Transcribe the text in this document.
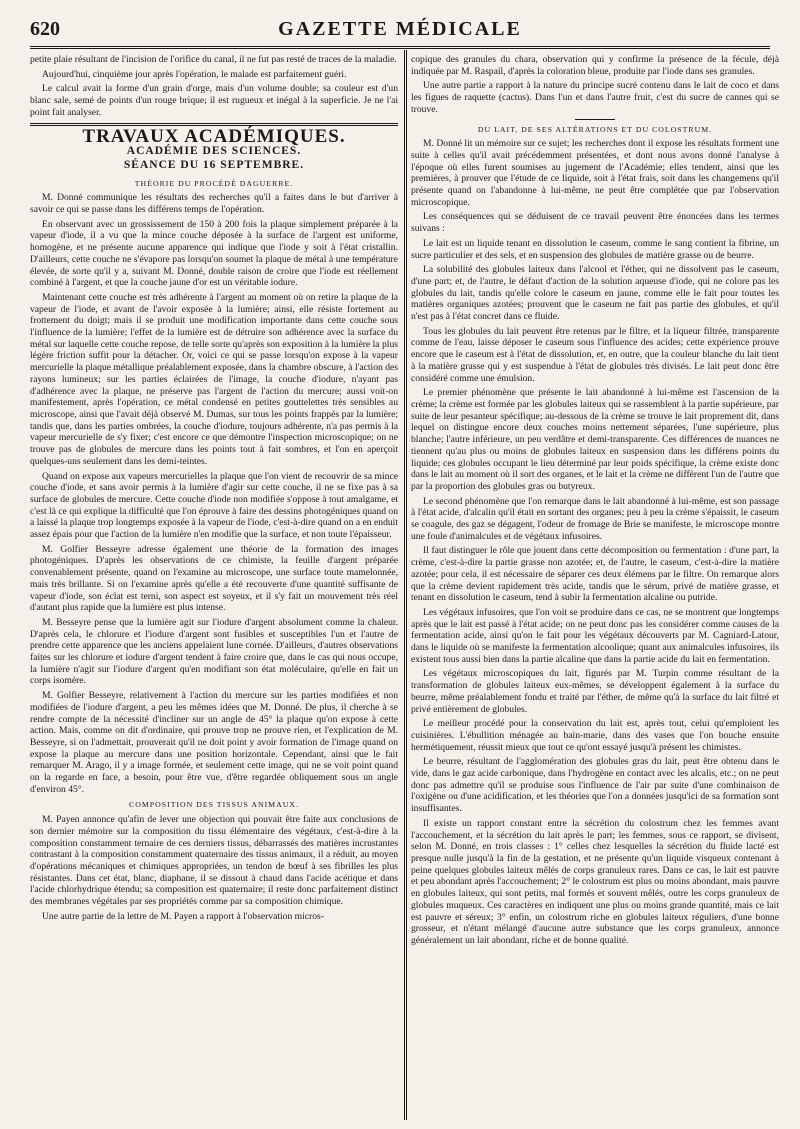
620	GAZETTE MÉDICALE

petite plaie résultant de l'incision de l'orifice du canal, il ne fut pas resté de traces de la maladie.

Aujourd'hui, cinquième jour après l'opération, le malade est parfaitement guéri.

Le calcul avait la forme d'un grain d'orge, mais d'un volume double; sa couleur est d'un blanc sale, semé de points d'un rouge brique; il est rugueux et inégal à la superficie. Je ne l'ai point fait analyser.

TRAVAUX ACADÉMIQUES.
ACADÉMIE DES SCIENCES.
SÉANCE DU 16 SEPTEMBRE.
THÉORIE DU PROCÉDÉ DAGUERRE.

M. Donné communique les résultats des recherches qu'il a faites dans le but d'arriver à savoir ce qui se passe dans les différens temps de l'opération.

En observant avec un grossissement de 150 à 200 fois la plaque simplement préparée à la vapeur d'iode, il a vu que la mince couche déposée à la surface de l'argent est uniforme, homogène, et ne présente aucune apparence qui indique que l'iode y soit à l'état cristallin. D'ailleurs, cette couche ne s'évapore pas lorsqu'on soumet la plaque de métal à une température élevée, de sorte qu'il y a, suivant M. Donné, double raison de croire que l'iode est réellement combiné à l'argent, et que la couche jaune d'or est un véritable iodure.

Maintenant cette couche est très adhérente à l'argent au moment où on retire la plaque de la vapeur de l'iode, et avant de l'avoir exposée à la lumière; ainsi, elle résiste fortement au frottement du doigt; mais il se produit une modification importante dans cette couche sous l'influence de la lumière; l'effet de la lumière est de détruire son adhérence avec la surface du métal sur laquelle cette couche repose, de telle sorte qu'après son exposition à la lumière la plus légère friction suffit pour la détacher. Or, voici ce qui se passe lorsqu'on expose à la vapeur mercurielle la plaque métallique préalablement exposée, dans la chambre obscure, à l'action des rayons lumineux; sur les parties éclairées de l'image, la couche d'iodure, n'ayant pas d'adhérence avec la plaque, ne préserve pas l'argent de l'action du mercure; aussi voit-on manifestement, après l'opération, ce métal condensé en petites gouttelettes très sensibles au microscope, ainsi que l'avait déjà observé M. Dumas, sur tous les points frappés par la lumière; tandis que, dans les parties ombrées, la couche d'iodure, toujours adhérente, n'a pas permis à la vapeur mercurielle de s'y fixer; c'est encore ce que démontre l'inspection microscopique; on ne trouve pas de globules de mercure dans les points tout à fait sombres, et l'on en aperçoit quelques-uns seulement dans les demi-teintes.

Quand on expose aux vapeurs mercurielles la plaque que l'on vient de recouvrir de sa mince couche d'iode, et sans avoir permis à la lumière d'agir sur cette couche, il ne se fixe pas à sa surface de globules de mercure. Cette couche d'iode non modifiée s'oppose à tout amalgame, et c'est là ce qui explique la difficulté que l'on éprouve à faire des dessins photogéniques quand on a laissé la plaque trop longtemps exposée à la vapeur de l'iode, c'est-à-dire quand on a en enduit assez épais pour que l'action de la lumière n'en modifie que la surface, et non toute l'épaisseur.

M. Golfier Besseyre adresse également une théorie de la formation des images photogéniques. D'après les observations de ce chimiste, la feuille d'argent préparée convenablement présente, quand on l'examine au microscope, une surface toute mamelonnée, mais très brillante. Si on l'examine après qu'elle a été recouverte d'une quantité suffisante de vapeur d'iode, son éclat est terni, son aspect est soyeux, et il s'y fait un mouvement très réel d'autant plus rapide que la lumière est plus intense.

M. Besseyre pense que la lumière agit sur l'iodure d'argent absolument comme la chaleur. D'après cela, le chlorure et l'iodure d'argent sont fusibles et susceptibles l'un et l'autre de prendre cette apparence que les anciens appelaient lune cornée. D'ailleurs, d'autres observations faites sur les chlorure et iodure d'argent tendent à faire croire que, dans le cas qui nous occupe, la lumière n'agit sur l'iodure d'argent qu'en modifiant son état moléculaire, qu'elle en fait un corps isomère.

M. Golfier Besseyre, relativement à l'action du mercure sur les parties modifiées et non modifiées de l'iodure d'argent, a peu les mêmes idées que M. Donné. De plus, il cherche à se rendre compte de la nécessité d'incliner sur un angle de 45° la plaque qu'on expose à cette action. Mais, comme on dit d'ordinaire, qui prouve trop ne prouve rien, et l'explication de M. Besseyre, si on l'admettait, prouverait qu'il ne doit point y avoir formation de l'image quand on expose la plaque au mercure dans une position horizontale. Cependant, ainsi que le fait remarquer M. Arago, il y a image formée, et seulement cette image, qui ne se voit point quand on la regarde en face, a besoin, pour être vue, d'être regardée obliquement sous un angle d'environ 45°.

COMPOSITION DES TISSUS ANIMAUX.

M. Payen annonce qu'afin de lever une objection qui pouvait être faite aux conclusions de son dernier mémoire sur la composition du tissu élémentaire des végétaux, c'est-à-dire à la composition constamment ternaire de ces derniers tissus, débarrassés des matières incrustantes contrastant à la composition constamment quaternaire des tissus animaux, il a réduit, au moyen d'opérations mécaniques et chimiques appropriées, un tendon de bœuf à ses fibrilles les plus résistantes. Dans cet état, blanc, diaphane, il se dissout à chaud dans l'acide acétique et dans l'acide chlorhydrique étendu; sa composition est quaternaire; il reste donc parfaitement distinct des membranes végétales par ses propriétés comme par sa composition chimique.

Une autre partie de la lettre de M. Payen a rapport à l'observation micros-

copique des granules du chara, observation qui y confirme la présence de la fécule, déjà indiquée par M. Raspail, d'après la coloration bleue, produite par l'iode dans ses granules.

Une autre partie a rapport à la nature du principe sucré contenu dans le lait de coco et dans les figues de raquette (cactus). Dans l'un et dans l'autre fruit, c'est du sucre de cannes qui se trouve.

DU LAIT, DE SES ALTÉRATIONS ET DU COLOSTRUM.

M. Donné lit un mémoire sur ce sujet; les recherches dont il expose les résultats forment une suite à celles qu'il avait précédemment présentées, et dont nous avons donné l'analyse à l'époque où elles furent soumises au jugement de l'Académie; elles tendent, ainsi que les premières, à prouver que l'étude de ce liquide, soit à l'état frais, soit dans les changemens qu'il présente quand on l'abandonne à lui-même, ne peut être complétée que par l'observation microscopique.

Les conséquences qui se déduisent de ce travail peuvent être énoncées dans les termes suivans :

Le lait est un liquide tenant en dissolution le caseum, comme le sang contient la fibrine, un sucre particulier et des sels, et en suspension des globules de matière grasse ou de beurre.

La solubilité des globules laiteux dans l'alcool et l'éther, qui ne dissolvent pas le caseum, d'une part; et, de l'autre, le défaut d'action de la solution aqueuse d'iode, qui ne colore pas les globules du lait, tandis qu'elle colore le caseum en jaune, comme elle le fait pour toutes les matières organiques azotées; prouvent que le caseum ne fait pas partie des globules, et qu'il n'est pas à l'état concret dans ce fluide.

Tous les globules du lait peuvent être retenus par le filtre, et la liqueur filtrée, transparente comme de l'eau, laisse déposer le caseum sous l'influence des acides; cette expérience prouve encore que le caseum est à l'état de dissolution, et, en outre, que la couleur blanche du lait tient à la matière grasse qui y est suspendue à l'état de globules très divisés. Le lait peut donc être considéré comme une émulsion.

Le premier phénomène que présente le lait abandonné à lui-même est l'ascension de la crème; la crème est formée par les globules laiteux qui se rassemblent à la partie supérieure, par suite de leur pesanteur spécifique; au-dessous de la crème se trouve le lait proprement dit, dans lequel on distingue encore deux couches moins nettement séparées, l'une supérieure, plus blanche; l'autre inférieure, un peu verdâtre et demi-transparente. Ces différences de nuances ne tiennent qu'au plus ou moins de globules laiteux en suspension dans les différens points du liquide; ces globules occupant le lieu déterminé par leur poids spécifique, la crème existe donc dans le lait au moment où il sort des organes, et le lait et la crème ne diffèrent l'un de l'autre que par la proportion des globules gras ou butyreux.

Le second phénomène que l'on remarque dans le lait abandonné à lui-même, est son passage à l'état acide, d'alcalin qu'il était en sortant des organes; peu à peu la crème s'épaissit, le caseum se coagule, des gaz se dégagent, l'odeur de fromage de Brie se manifeste, le microscope montre une foule d'animalcules et de végétaux infusoires.

Il faut distinguer le rôle que jouent dans cette décomposition ou fermentation : d'une part, la crème, c'est-à-dire la partie grasse non azotée; et, de l'autre, le caseum, c'est-à-dire la matière azotée; pour cela, il est nécessaire de séparer ces deux élémens par le filtre. On remarque alors que la crème devient rapidement très acide, tandis que le sérum, privé de matière grasse, et tenant en dissolution le caseum, tend à subir la fermentation alcaline ou putride.

Les végétaux infusoires, que l'on voit se produire dans ce cas, ne se montrent que longtemps après que le lait est passé à l'état acide; on ne peut donc pas les considérer comme causes de la fermentation acide, ainsi qu'on le fait pour les végétaux découverts par M. Cagniard-Latour, dans le liquide où se manifeste la fermentation alcoolique; quant aux animalcules infusoires, ils existent tous aussi bien dans la partie alcaline que dans la partie acide du lait en fermentation.

Les végétaux microscopiques du lait, figurés par M. Turpin comme résultant de la transformation de globules laiteux eux-mêmes, se développent également à la surface du beurre, même préalablement fondu et traité par l'éther, de même qu'à la surface du lait filtré et privé entièrement de globules.

Le meilleur procédé pour la conservation du lait est, après tout, celui qu'emploient les cuisinières. L'ébullition ménagée au bain-marie, dans des vases que l'on bouche ensuite hermétiquement, réussit mieux que tout ce qu'ont essayé jusqu'à présent les chimistes.

Le beurre, résultant de l'agglomération des globules gras du lait, peut être obtenu dans le vide, dans le gaz acide carbonique, dans l'hydrogène en contact avec les alcalis, etc.; on ne peut donc pas admettre qu'il se produise sous l'influence de l'air par suite d'une combinaison de l'oxigène ou d'une acidification, et les théories que l'on a données jusqu'ici de sa formation sont insuffisantes.

Il existe un rapport constant entre la sécrétion du colostrum chez les femmes avant l'accouchement, et la sécrétion du lait après le part; les femmes, sous ce rapport, se divisent, selon M. Donné, en trois classes : 1° celles chez lesquelles la sécrétion du fluide lacté est presque nulle jusqu'à la fin de la gestation, et ne présente qu'un liquide visqueux contenant à peine quelques globules laiteux mêlés de corps granuleux rares. Dans ce cas, le lait est pauvre et peu abondant après l'accouchement; 2° le colostrum est plus ou moins abondant, mais pauvre en globules laiteux, qui sont petits, mal formés et souvent mêlés, outre les corps granuleux de globules muqueux. Ces caractères en indiquent une plus ou moins grande quantité, mais ce lait est pauvre et séreux; 3° enfin, un colostrum riche en globules laiteux réguliers, d'une bonne grosseur, et n'étant mélangé d'aucune autre substance que les corps granuleux, annonce généralement un lait abondant, riche et de bonne qualité.
